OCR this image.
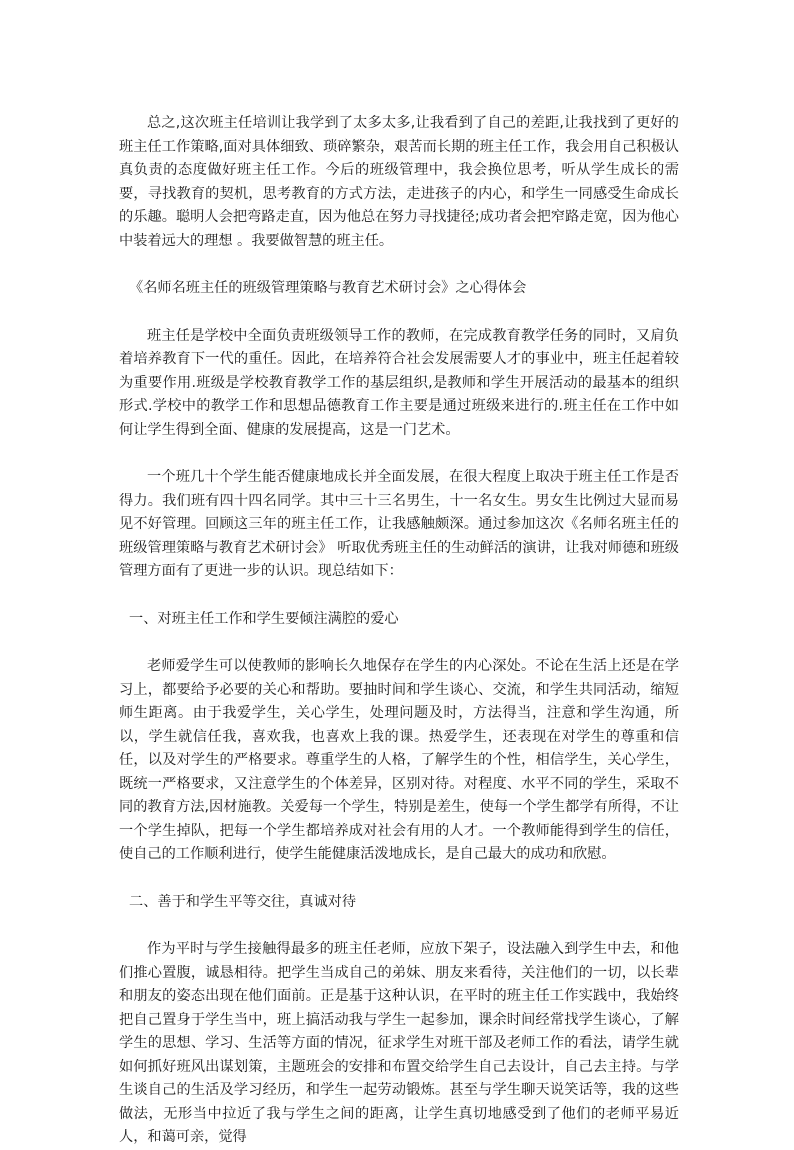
总之,这次班主任培训让我学到了太多太多,让我看到了自己的差距,让我找到了更好的班主任工作策略,面对具体细致、琐碎繁杂，艰苦而长期的班主任工作，我会用自己积极认真负责的态度做好班主任工作。今后的班级管理中，我会换位思考，听从学生成长的需要，寻找教育的契机，思考教育的方式方法，走进孩子的内心，和学生一同感受生命成长的乐趣。聪明人会把弯路走直，因为他总在努力寻找捷径;成功者会把窄路走宽，因为他心中装着远大的理想 。我要做智慧的班主任。

《名师名班主任的班级管理策略与教育艺术研讨会》之心得体会

班主任是学校中全面负责班级领导工作的教师，在完成教育教学任务的同时，又肩负着培养教育下一代的重任。因此，在培养符合社会发展需要人才的事业中，班主任起着较为重要作用.班级是学校教育教学工作的基层组织,是教师和学生开展活动的最基本的组织形式.学校中的教学工作和思想品德教育工作主要是通过班级来进行的.班主任在工作中如何让学生得到全面、健康的发展提高，这是一门艺术。

一个班几十个学生能否健康地成长并全面发展，在很大程度上取决于班主任工作是否得力。我们班有四十四名同学。其中三十三名男生，十一名女生。男女生比例过大显而易见不好管理。回顾这三年的班主任工作，让我感触颇深。通过参加这次《名师名班主任的班级管理策略与教育艺术研讨会》 听取优秀班主任的生动鲜活的演讲，让我对师德和班级管理方面有了更进一步的认识。现总结如下：

一、对班主任工作和学生要倾注满腔的爱心

老师爱学生可以使教师的影响长久地保存在学生的内心深处。不论在生活上还是在学习上，都要给予必要的关心和帮助。要抽时间和学生谈心、交流，和学生共同活动，缩短师生距离。由于我爱学生，关心学生，处理问题及时，方法得当，注意和学生沟通，所以，学生就信任我，喜欢我，也喜欢上我的课。热爱学生，还表现在对学生的尊重和信任，以及对学生的严格要求。尊重学生的人格，了解学生的个性，相信学生，关心学生，既统一严格要求，又注意学生的个体差异，区别对待。对程度、水平不同的学生，采取不同的教育方法,因材施教。关爱每一个学生，特别是差生，使每一个学生都学有所得，不让一个学生掉队，把每一个学生都培养成对社会有用的人才。一个教师能得到学生的信任，使自己的工作顺利进行，使学生能健康活泼地成长，是自己最大的成功和欣慰。

二、善于和学生平等交往，真诚对待

作为平时与学生接触得最多的班主任老师，应放下架子，设法融入到学生中去，和他们推心置腹，诚恳相待。把学生当成自己的弟妹、朋友来看待，关注他们的一切，以长辈和朋友的姿态出现在他们面前。正是基于这种认识，在平时的班主任工作实践中，我始终把自己置身于学生当中，班上搞活动我与学生一起参加，课余时间经常找学生谈心，了解学生的思想、学习、生活等方面的情况，征求学生对班干部及老师工作的看法，请学生就如何抓好班风出谋划策，主题班会的安排和布置交给学生自己去设计，自己去主持。与学生谈自己的生活及学习经历，和学生一起劳动锻炼。甚至与学生聊天说笑话等，我的这些做法，无形当中拉近了我与学生之间的距离，让学生真切地感受到了他们的老师平易近人，和蔼可亲，觉得
